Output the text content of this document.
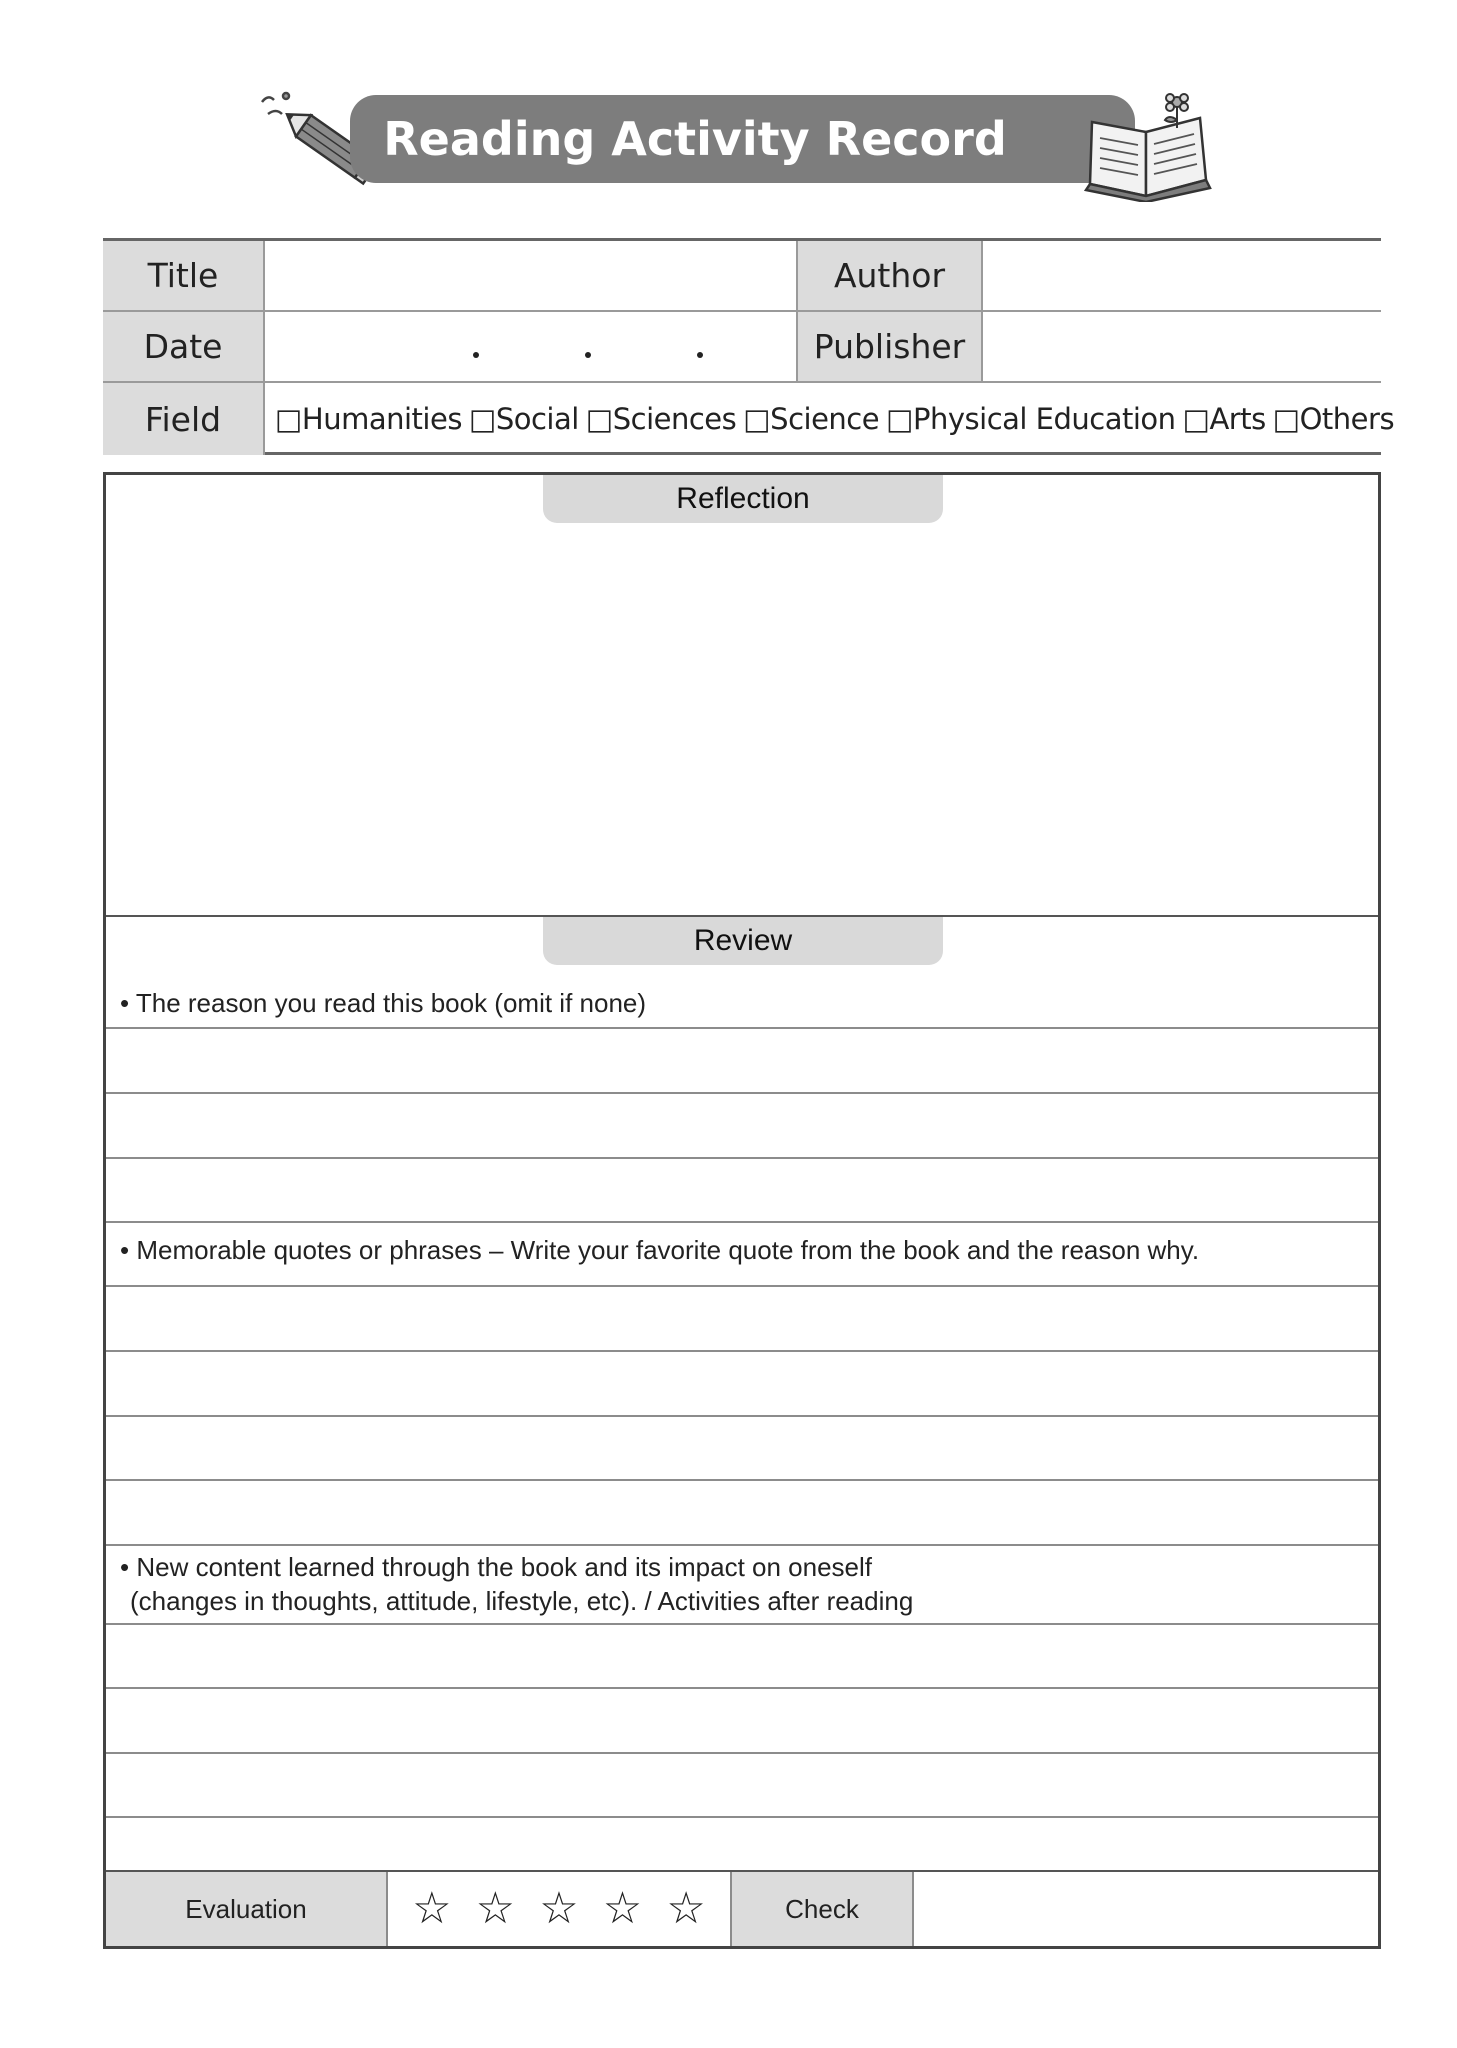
Reading Activity Record
Title	Author
Date	Publisher
Field	□Humanities □Social □Sciences □Science □Physical Education □Arts □Others
Reflection
Review
• The reason you read this book (omit if none)
• Memorable quotes or phrases – Write your favorite quote from the book and the reason why.
• New content learned through the book and its impact on oneself
(changes in thoughts, attitude, lifestyle, etc). / Activities after reading
Evaluation	☆ ☆ ☆ ☆ ☆	Check
